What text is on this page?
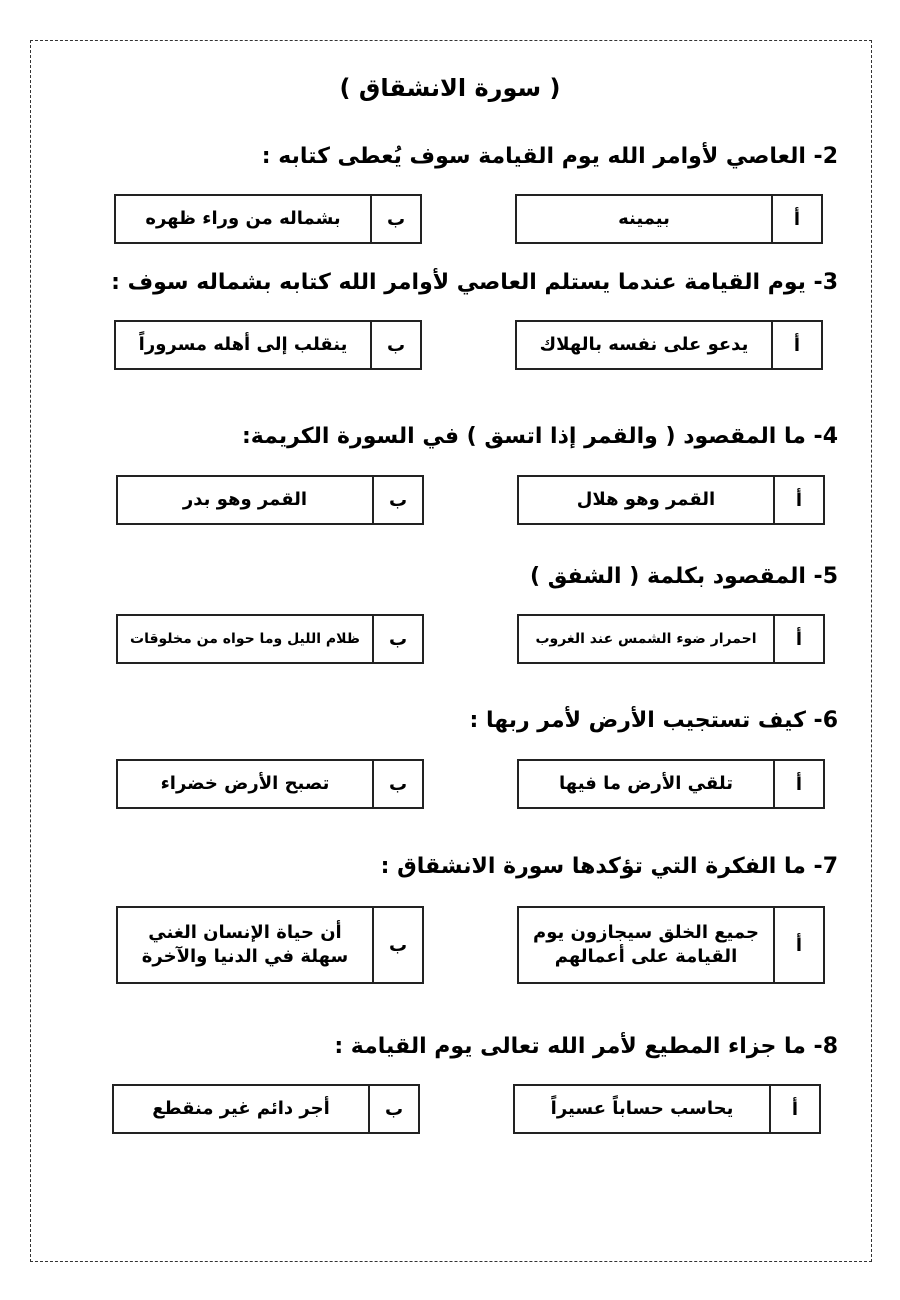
( سورة الانشقاق )
2- العاصي لأوامر الله يوم القيامة سوف يُعطى كتابه :
أ
بيمينه
ب
بشماله من وراء ظهره
3- يوم القيامة عندما يستلم العاصي لأوامر الله كتابه بشماله سوف :
أ
يدعو على نفسه بالهلاك
ب
ينقلب إلى أهله مسروراً
4- ما المقصود ( والقمر إذا اتسق ) في السورة الكريمة:
أ
القمر وهو هلال
ب
القمر وهو بدر
5- المقصود بكلمة ( الشفق )
أ
احمرار ضوء الشمس عند الغروب
ب
ظلام الليل وما حواه من مخلوقات
6- كيف تستجيب الأرض لأمر ربها :
أ
تلقي الأرض ما فيها
ب
تصبح الأرض خضراء
7- ما الفكرة التي تؤكدها سورة الانشقاق :
أ
جميع الخلق سيجازون يوم القيامة على أعمالهم
ب
أن حياة الإنسان الغني سهلة في الدنيا والآخرة
8- ما جزاء المطيع لأمر الله تعالى يوم القيامة :
أ
يحاسب حساباً عسيراً
ب
أجر دائم غير منقطع
